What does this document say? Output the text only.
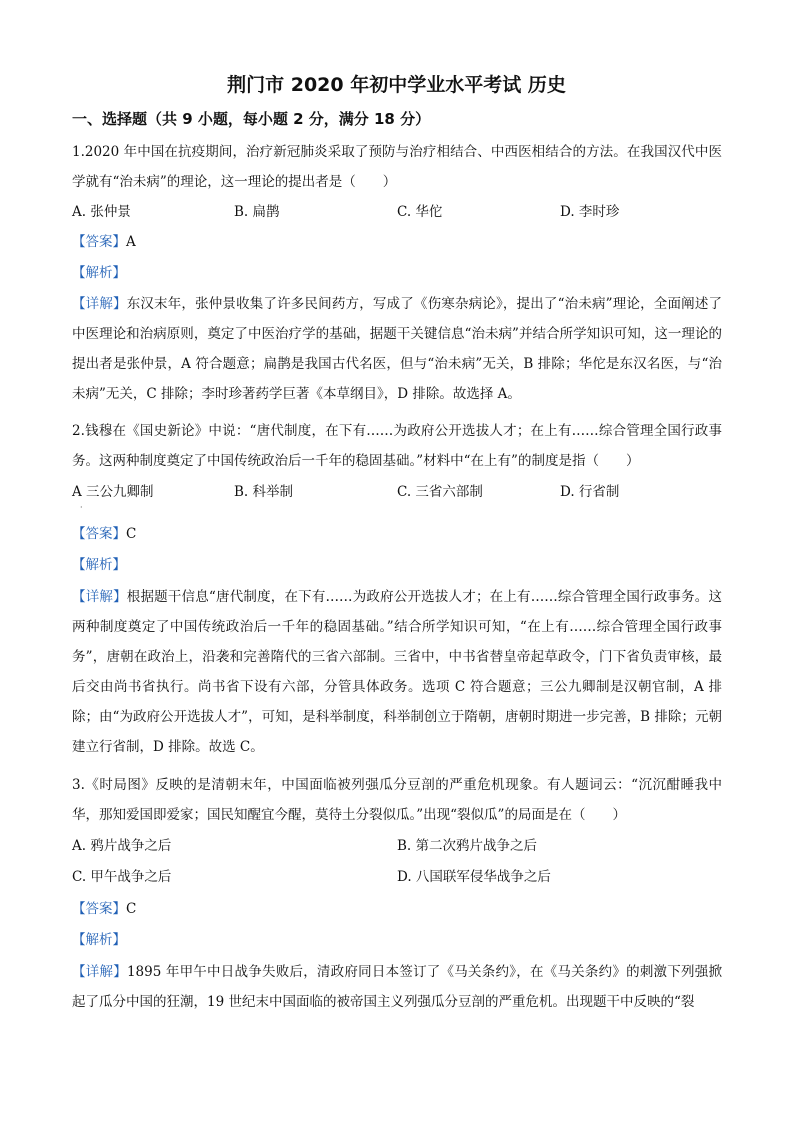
荆门市 2020 年初中学业水平考试 历史
一、选择题（共 9 小题，每小题 2 分，满分 18 分）
1.2020 年中国在抗疫期间，治疗新冠肺炎采取了预防与治疗相结合、中西医相结合的方法。在我国汉代中医学就有“治未病”的理论，这一理论的提出者是（　　）
A. 张仲景	B. 扁鹊	C. 华佗	D. 李时珍
【答案】A
【解析】
【详解】东汉末年，张仲景收集了许多民间药方，写成了《伤寒杂病论》，提出了“治未病”理论，全面阐述了中医理论和治病原则，奠定了中医治疗学的基础，据题干关键信息“治未病”并结合所学知识可知，这一理论的提出者是张仲景，A 符合题意；扁鹊是我国古代名医，但与“治未病”无关，B 排除；华佗是东汉名医，与“治未病”无关，C 排除；李时珍著药学巨著《本草纲目》，D 排除。故选择 A。
2.钱穆在《国史新论》中说：“唐代制度，在下有……为政府公开选拔人才；在上有……综合管理全国行政事务。这两种制度奠定了中国传统政治后一千年的稳固基础。”材料中“在上有”的制度是指（　　）
A 三公九卿制	B. 科举制	C. 三省六部制	D. 行省制
·
【答案】C
【解析】
【详解】根据题干信息“唐代制度，在下有……为政府公开选拔人才；在上有……综合管理全国行政事务。这两种制度奠定了中国传统政治后一千年的稳固基础。”结合所学知识可知，“在上有……综合管理全国行政事务”，唐朝在政治上，沿袭和完善隋代的三省六部制。三省中，中书省替皇帝起草政令，门下省负责审核，最后交由尚书省执行。尚书省下设有六部，分管具体政务。选项 C 符合题意；三公九卿制是汉朝官制，A 排除；由“为政府公开选拔人才”，可知，是科举制度，科举制创立于隋朝，唐朝时期进一步完善，B 排除；元朝建立行省制，D 排除。故选 C。
3.《时局图》反映的是清朝末年，中国面临被列强瓜分豆剖的严重危机现象。有人题词云：“沉沉酣睡我中华，那知爱国即爱家；国民知醒宜今醒，莫待土分裂似瓜。”出现“裂似瓜”的局面是在（　　）
A. 鸦片战争之后	B. 第二次鸦片战争之后
C. 甲午战争之后	D. 八国联军侵华战争之后
【答案】C
【解析】
【详解】1895 年甲午中日战争失败后，清政府同日本签订了《马关条约》，在《马关条约》的刺激下列强掀起了瓜分中国的狂潮，19 世纪末中国面临的被帝国主义列强瓜分豆剖的严重危机。出现题干中反映的“裂
